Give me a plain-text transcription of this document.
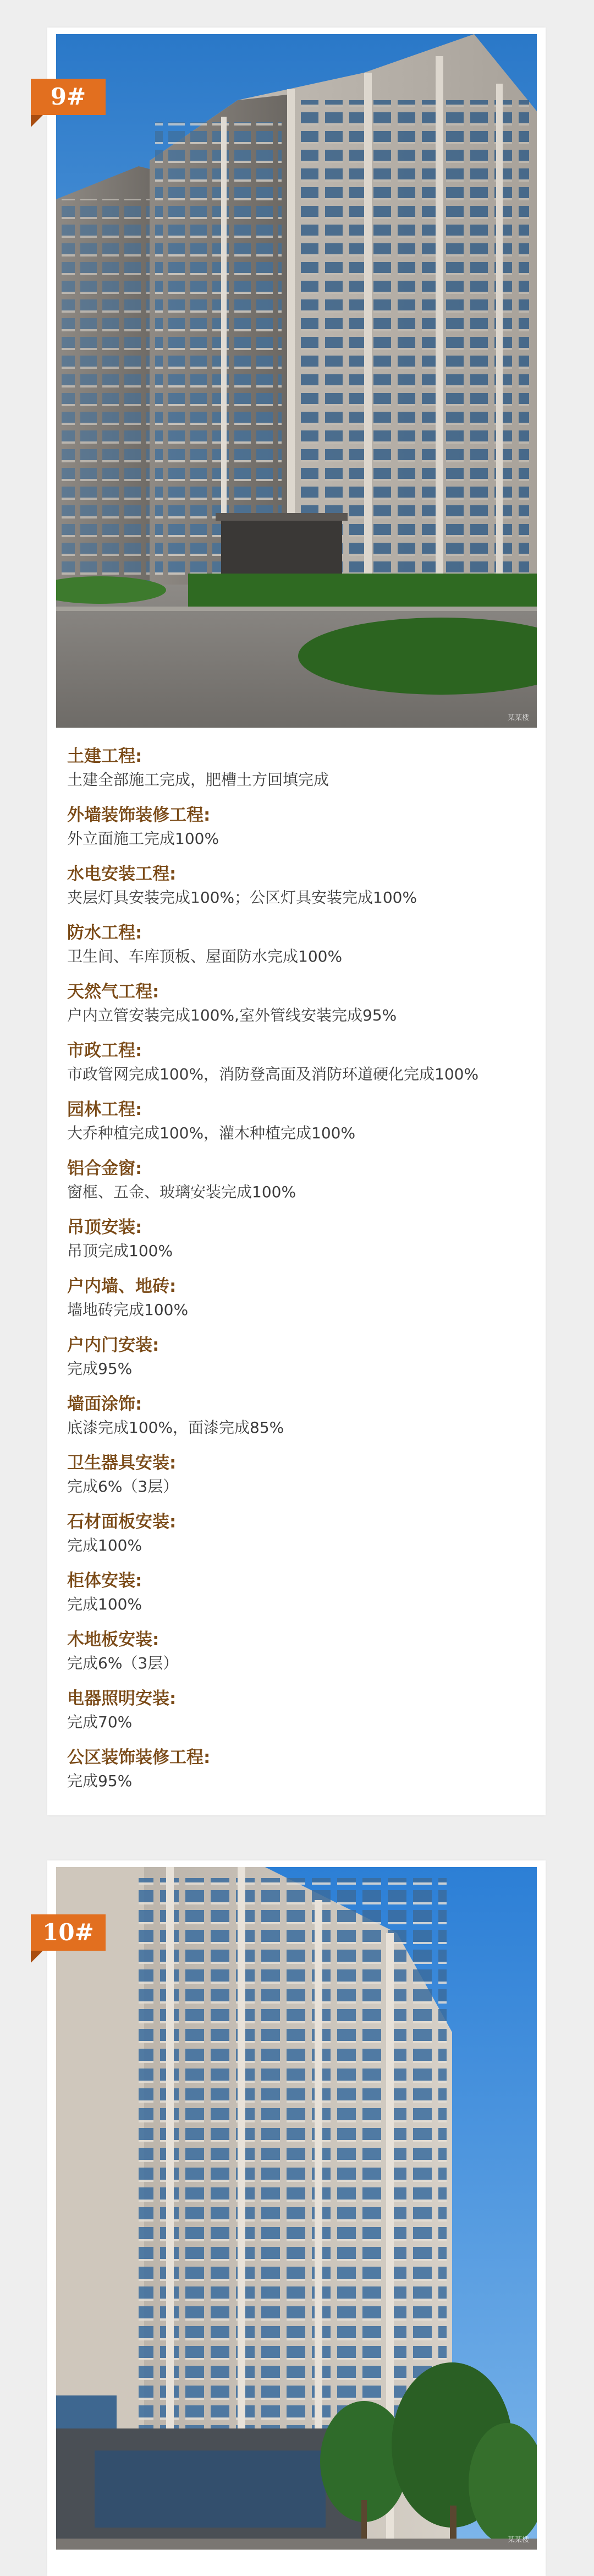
某某楼

土建工程:

土建全部施工完成，肥槽土方回填完成

外墙装饰装修工程:

外立面施工完成100%

水电安装工程:

夹层灯具安装完成100%；公区灯具安装完成100%

防水工程:

卫生间、车库顶板、屋面防水完成100%

天然气工程:

户内立管安装完成100%,室外管线安装完成95%

市政工程:

市政管网完成100%，消防登高面及消防环道硬化完成100%

园林工程:

大乔种植完成100%，灌木种植完成100%

铝合金窗:

窗框、五金、玻璃安装完成100%

吊顶安装:

吊顶完成100%

户内墙、地砖:

墙地砖完成100%

户内门安装:

完成95%

墙面涂饰:

底漆完成100%，面漆完成85%

卫生器具安装:

完成6%（3层）

石材面板安装:

完成100%

柜体安装:

完成100%

木地板安装:

完成6%（3层）

电器照明安装:

完成70%

公区装饰装修工程:

完成95%

9#
某某楼
10#
